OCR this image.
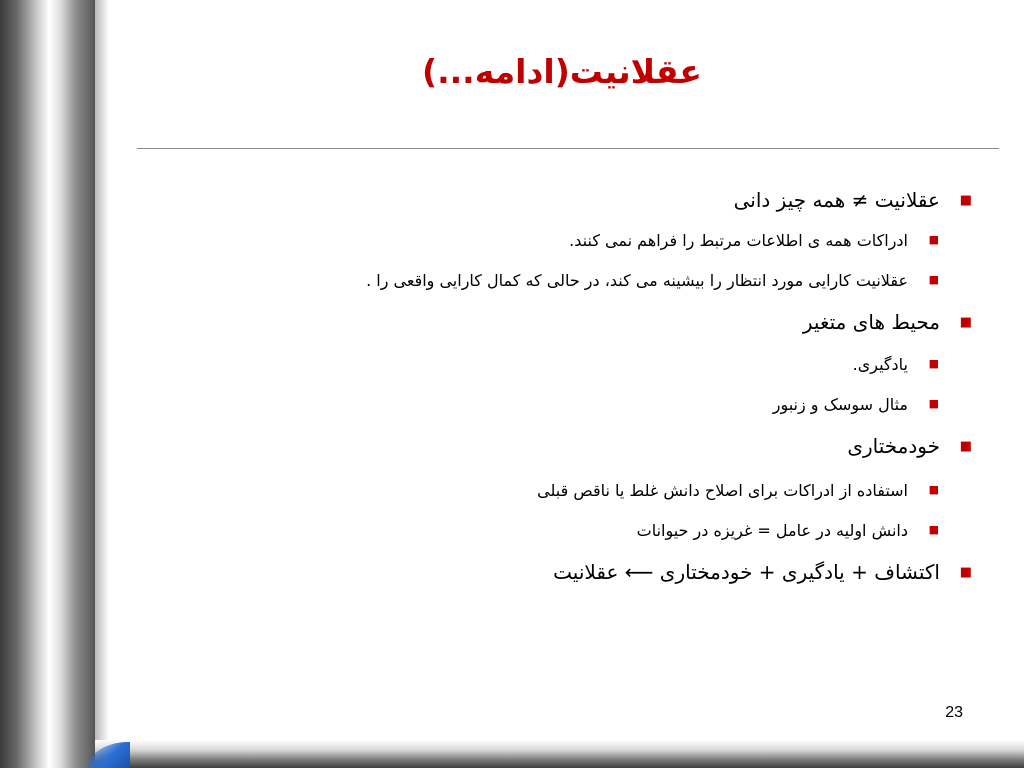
عقلانیت(ادامه...)
■
عقلانیت ≠ همه چیز دانی
■
ادراکات همه ی اطلاعات مرتبط را فراهم نمی کنند.
■
عقلانیت کارایی مورد انتظار را بیشینه می کند، در حالی که کمال کارایی واقعی را .
■
محیط های متغیر
■
یادگیری.
■
مثال سوسک و زنبور
■
خودمختاری
■
استفاده از ادراکات برای اصلاح دانش غلط یا ناقص قبلی
■
دانش اولیه در عامل = غریزه در حیوانات
■
اکتشاف + یادگیری + خودمختاری ⟵ عقلانیت
23
